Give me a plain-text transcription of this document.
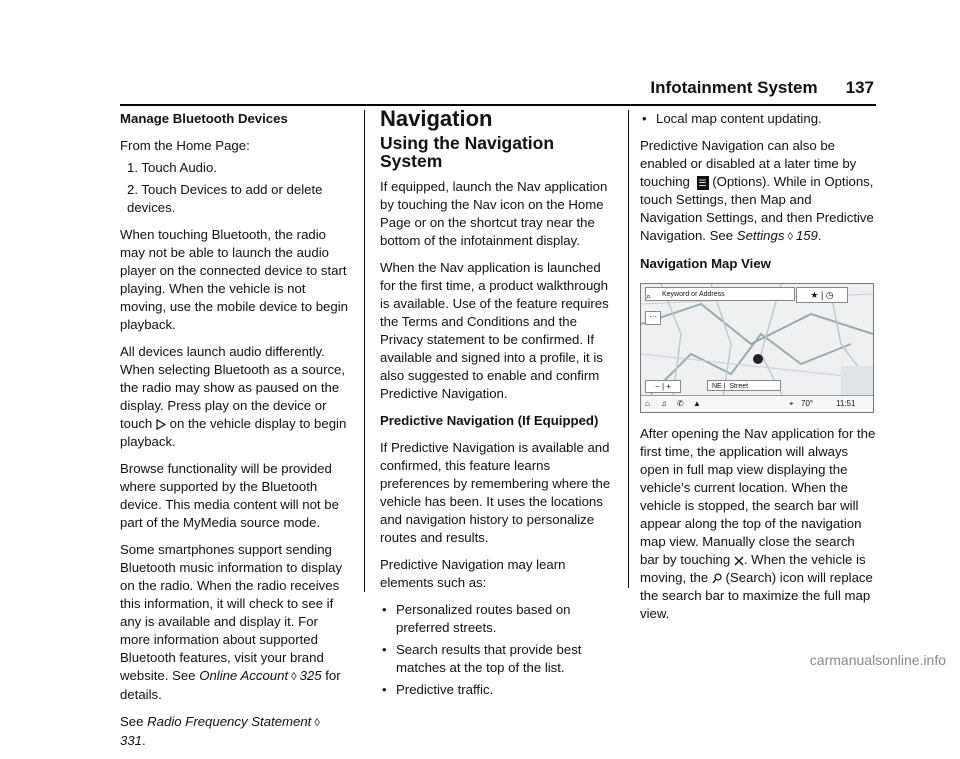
Infotainment System 137
Manage Bluetooth Devices

From the Home Page:

1. Touch Audio.
2. Touch Devices to add or delete devices.

When touching Bluetooth, the radio may not be able to launch the audio player on the connected device to start playing. When the vehicle is not moving, use the mobile device to begin playback.

All devices launch audio differently. When selecting Bluetooth as a source, the radio may show as paused on the display. Press play on the device or touch on the vehicle display to begin playback.

Browse functionality will be provided where supported by the Bluetooth device. This media content will not be part of the MyMedia source mode.

Some smartphones support sending Bluetooth music information to display on the radio. When the radio receives this information, it will check to see if any is available and display it. For more information about supported Bluetooth features, visit your brand website. See Online Account ◊ 325 for details.

See Radio Frequency Statement ◊331.

Navigation
Using the Navigation System

If equipped, launch the Nav application by touching the Nav icon on the Home Page or on the shortcut tray near the bottom of the infotainment display.

When the Nav application is launched for the first time, a product walkthrough is available. Use of the feature requires the Terms and Conditions and the Privacy statement to be confirmed. If available and signed into a profile, it is also suggested to enable and confirm Predictive Navigation.

Predictive Navigation (If Equipped)

If Predictive Navigation is available and confirmed, this feature learns preferences by remembering where the vehicle has been. It uses the locations and navigation history to personalize routes and results.

Predictive Navigation may learn elements such as:

• Personalized routes based on preferred streets.
• Search results that provide best matches at the top of the list.
• Predictive traffic.
• Local map content updating.

Predictive Navigation can also be enabled or disabled at a later time by touching ☰ (Options). While in Options, touch Settings, then Map and Navigation Settings, and then Predictive Navigation. See Settings ◊ 159.

Navigation Map View
Keyword or Address
⌕	★ | ◷
···
− | +	NE |  Street
⌂ ♫ ✆ ▲	⌖ 70°	11:51

After opening the Nav application for the first time, the application will always open in full map view displaying the vehicle’s current location. When the vehicle is stopped, the search bar will appear along the top of the navigation map view. Manually close the search bar by touching . When the vehicle is moving, the (Search) icon will replace the search bar to maximize the full map view.

carmanualsonline.info
